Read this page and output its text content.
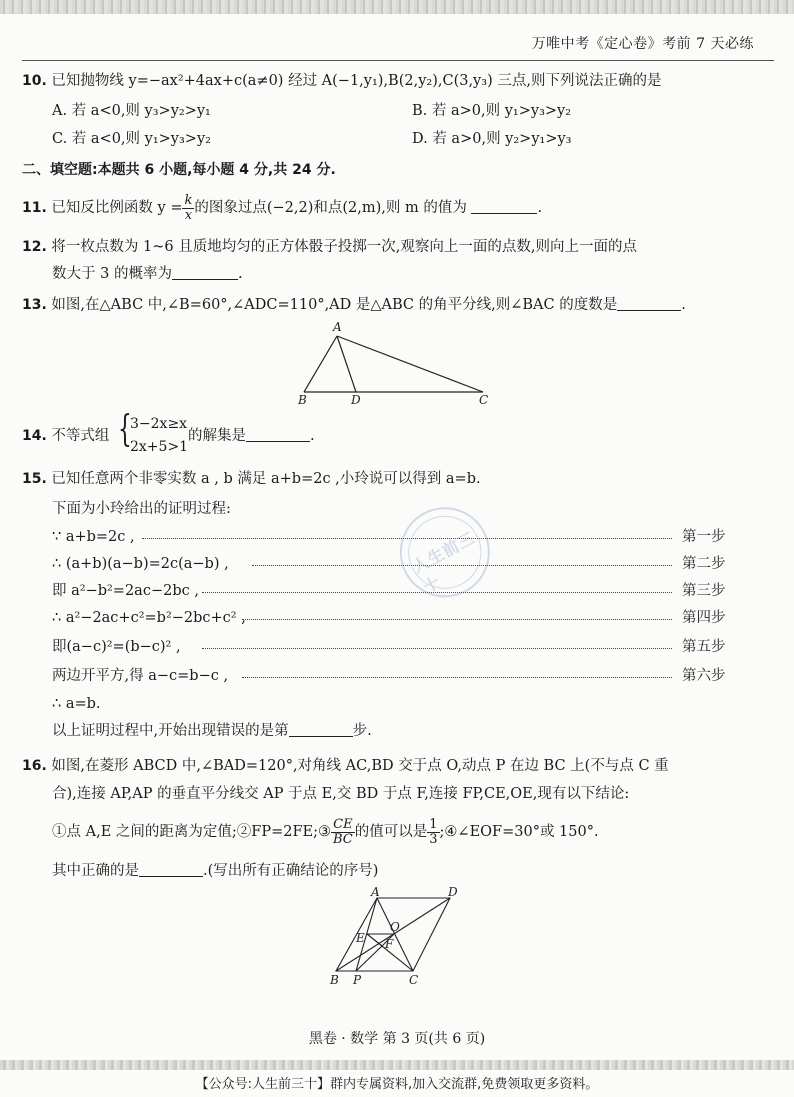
万唯中考《定心卷》考前 7 天必练
10. 已知抛物线 y=−ax²+4ax+c(a≠0) 经过 A(−1,y₁),B(2,y₂),C(3,y₃) 三点,则下列说法正确的是
A. 若 a<0,则 y₃>y₂>y₁	B. 若 a>0,则 y₁>y₃>y₂
C. 若 a<0,则 y₁>y₃>y₂	D. 若 a>0,则 y₂>y₁>y₃
二、填空题:本题共 6 小题,每小题 4 分,共 24 分.
11. 已知反比例函数 $y = \frac{k}{x}$ 的图象过点(−2,2)和点(2,m),则 m 的值为	.
12. 将一枚点数为 1~6 且质地均匀的正方体骰子投掷一次,观察向上一面的点数,则向上一面的点
数大于 3 的概率为	.
13. 如图,在△ABC 中,∠B=60°,∠ADC=110°,AD 是△ABC 的角平分线,则∠BAC 的度数是	.
A
B	D	C
14. 不等式组 {
3−2x≥x
2x+5>1
的解集是	.
15. 已知任意两个非零实数 a , b 满足 a+b=2c ,小玲说可以得到 a=b.
下面为小玲给出的证明过程:
∵ a+b=2c ,	第一步
∴ (a+b)(a−b)=2c(a−b) ,	第二步
即 a²−b²=2ac−2bc ,	第三步
∴ a²−2ac+c²=b²−2bc+c² ,	第四步
即(a−c)²=(b−c)² ,	第五步
两边开平方,得 a−c=b−c ,	第六步
∴ a=b.
以上证明过程中,开始出现错误的是第	步.
16. 如图,在菱形 ABCD 中,∠BAD=120°,对角线 AC,BD 交于点 O,动点 P 在边 BC 上(不与点 C 重
合),连接 AP,AP 的垂直平分线交 AP 于点 E,交 BD 于点 F,连接 FP,CE,OE,现有以下结论:
①点 A,E 之间的距离为定值;②FP=2FE;③ $\frac{CE}{BC}$ 的值可以是 $\frac{1}{3}$ ;④∠EOF=30°或 150°.
其中正确的是	.(写出所有正确结论的序号)
A	D
E
O
F
B P	C
人生前三十
黑卷 · 数学 第 3 页(共 6 页)
【公众号:人生前三十】群内专属资料,加入交流群,免费领取更多资料。
